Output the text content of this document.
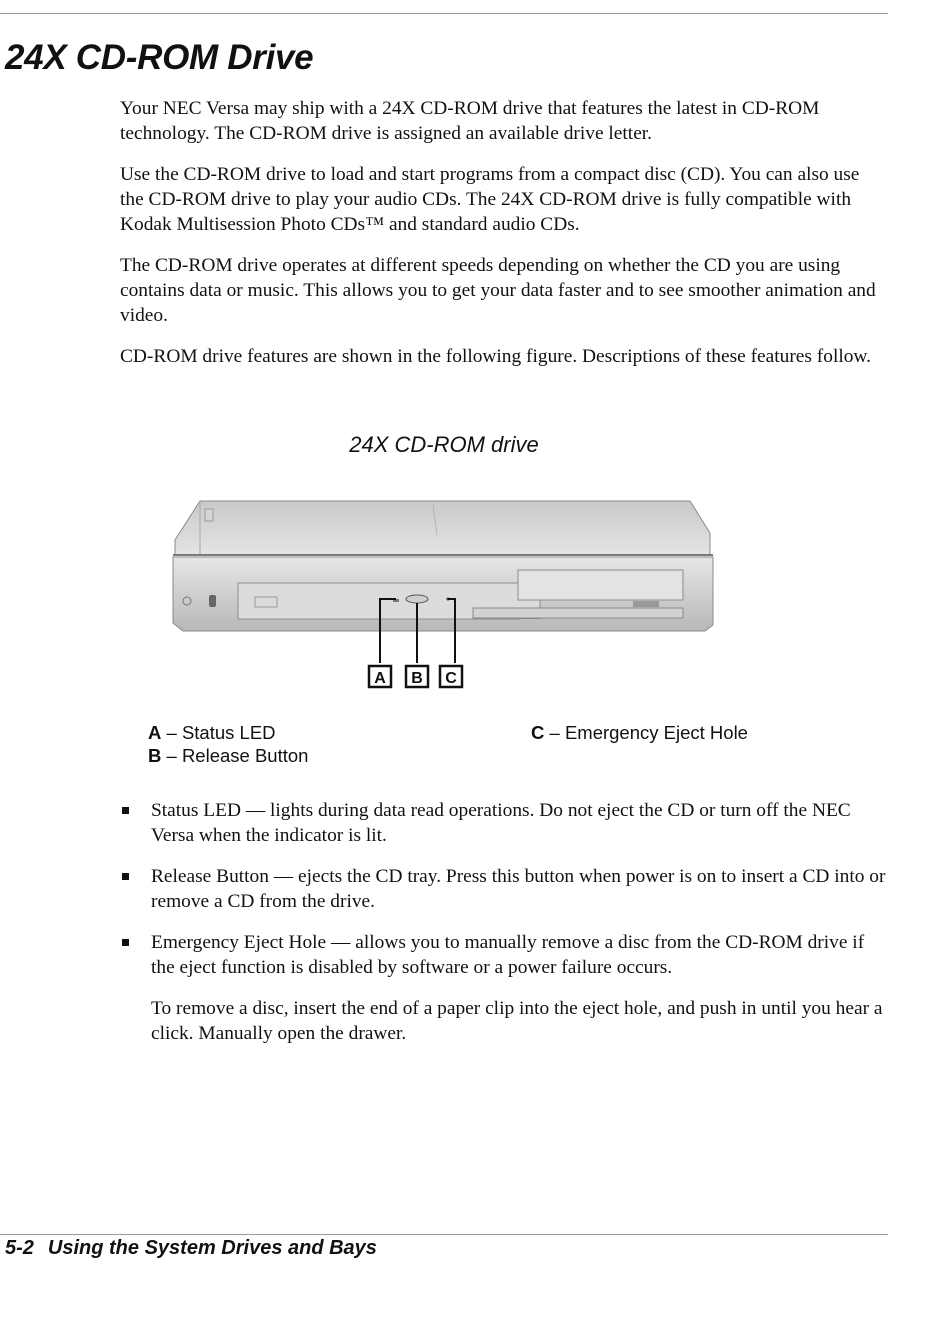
24X CD-ROM Drive

Your NEC Versa may ship with a 24X CD-ROM drive that features the latest in CD-ROM technology. The CD-ROM drive is assigned an available drive letter.

Use the CD-ROM drive to load and start programs from a compact disc (CD). You can also use the CD-ROM drive to play your audio CDs. The 24X CD-ROM drive is fully compatible with Kodak Multisession Photo CDs™ and standard audio CDs.

The CD-ROM drive operates at different speeds depending on whether the CD you are using contains data or music. This allows you to get your data faster and to see smoother animation and video.

CD-ROM drive features are shown in the following figure. Descriptions of these features follow.

24X CD-ROM drive
A B C
A – Status LED
B – Release Button
C – Emergency Eject Hole
Status LED — lights during data read operations. Do not eject the CD or turn off the NEC Versa when the indicator is lit.
Release Button — ejects the CD tray. Press this button when power is on to insert a CD into or remove a CD from the drive.
Emergency Eject Hole — allows you to manually remove a disc from the CD-ROM drive if the eject function is disabled by software or a power failure occurs.

To remove a disc, insert the end of a paper clip into the eject hole, and push in until you hear a click. Manually open the drawer.

5-2 Using the System Drives and Bays
